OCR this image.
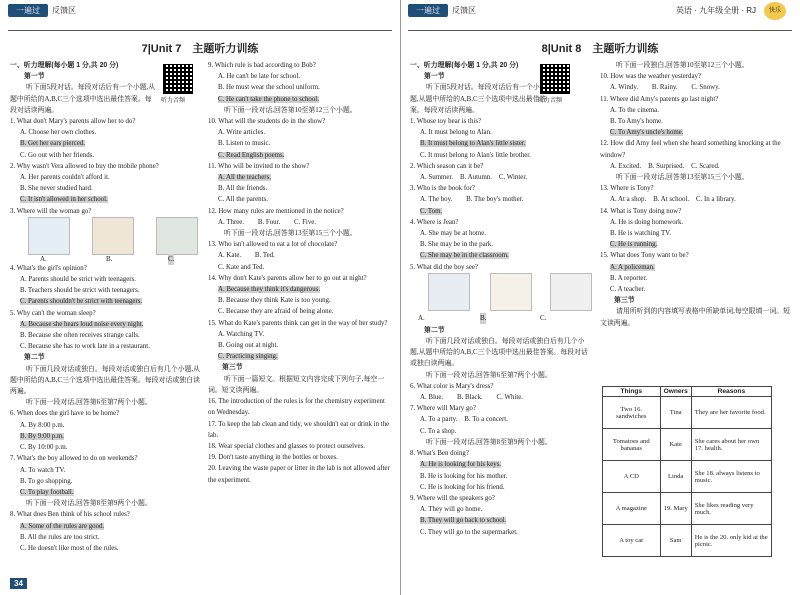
一遍过	反馈区
7|Unit 7　主题听力训练

一、听力理解(每小题 1 分,共 20 分)

第一节

听下面5段对话。每段对话后有一个小题,从题中所给的A,B,C三个选项中选出最佳答案。每段对话读两遍。

1. What don't Mary's parents allow her to do?

A. Choose her own clothes.

B. Get her ears pierced.

C. Go out with her friends.

2. Why wasn't Vera allowed to buy the mobile phone?

A. Her parents couldn't afford it.

B. She never studied hard.

C. It isn't allowed in her school.

3. Where will the woman go?

A.	B.	C.

4. What's the girl's opinion?

A. Parents should be strict with teenagers.

B. Teachers should be strict with teenagers.

C. Parents shouldn't be strict with teenagers.

5. Why can't the woman sleep?

A. Because she hears loud noise every night.

B. Because she often receives strange calls.

C. Because she has to work late in a restaurant.

第二节

听下面几段对话或独白。每段对话或独白后有几个小题,从题中所给的A,B,C三个选项中选出最佳答案。每段对话或独白读两遍。

听下面一段对话,回答第6至第7两个小题。

6. When does the girl have to be home?

A. By 8:00 p.m.

B. By 9:00 p.m.

C. By 10:00 p.m.

7. What's the boy allowed to do on weekends?

A. To watch TV.

B. To go shopping.

C. To play football.

听下面一段对话,回答第8至第9两个小题。

8. What does Ben think of his school rules?

A. Some of the rules are good.

B. All the rules are too strict.

C. He doesn't like most of the rules.

听力音频

9. Which rule is bad according to Bob?

A. He can't be late for school.

B. He must wear the school uniform.

C. He can't take the phone to school.

听下面一段对话,回答第10至第12三个小题。

10. What will the students do in the show?

A. Write articles.

B. Listen to music.

C. Read English poems.

11. Who will be invited to the show?

A. All the teachers.

B. All the friends.

C. All the parents.

12. How many rules are mentioned in the notice?

A. Three.　　B. Four.　　C. Five.

听下面一段对话,回答第13至第15三个小题。

13. Who isn't allowed to eat a lot of chocolate?

A. Kate.　　B. Ted.

C. Kate and Ted.

14. Why don't Kate's parents allow her to go out at night?

A. Because they think it's dangerous.

B. Because they think Kate is too young.

C. Because they are afraid of being alone.

15. What do Kate's parents think can get in the way of her study?

A. Watching TV.

B. Going out at night.

C. Practicing singing.

第三节

听下面一篇短文。根据短文内容完成下列句子,每空一词。短文读两遍。

16. The introduction of the rules is for the chemistry experiment on Wednesday.

17. To keep the lab clean and tidy, we shouldn't eat or drink in the lab.

18. Wear special clothes and glasses to protect ourselves.

19. Don't taste anything in the bottles or boxes.

20. Leaving the waste paper or litter in the lab is not allowed after the experiment.

34
一遍过	反馈区	英语 · 九年级全册 · RJ	快乐
8|Unit 8　主题听力训练

一、听力理解(每小题 1 分,共 20 分)

第一节

听下面5段对话。每段对话后有一个小题,从题中所给的A,B,C三个选项中选出最佳答案。每段对话读两遍。

1. Whose toy bear is this?

A. It must belong to Alan.

B. It must belong to Alan's little sister.

C. It must belong to Alan's little brother.

2. Which season can it be?

A. Summer.　B. Autumn.　C. Winter.

3. Who is the book for?

A. The boy.　　B. The boy's mother.

C. Tom.

4. Where is Jean?

A. She may be at home.

B. She may be in the park.

C. She may be in the classroom.

5. What did the boy see?

A.	B.	C.

第二节

听下面几段对话或独白。每段对话或独白后有几个小题,从题中所给的A,B,C三个选项中选出最佳答案。每段对话或独白读两遍。

听下面一段对话,回答第6至第7两个小题。

6. What color is Mary's dress?

A. Blue.　　B. Black.　　C. White.

7. Where will Mary go?

A. To a party.　B. To a concert.

C. To a shop.

听下面一段对话,回答第8至第9两个小题。

8. What's Ben doing?

A. He is looking for his keys.

B. He is looking for his mother.

C. He is looking for his friend.

9. Where will the speakers go?

A. They will go home.

B. They will go back to school.

C. They will go to the supermarket.

听力音频

听下面一段独白,回答第10至第12三个小题。

10. How was the weather yesterday?

A. Windy.　　B. Rainy.　　C. Snowy.

11. Where did Amy's parents go last night?

A. To the cinema.

B. To Amy's home.

C. To Amy's uncle's home.

12. How did Amy feel when she heard something knocking at the window?

A. Excited.　B. Surprised.　C. Scared.

听下面一段对话,回答第13至第15三个小题。

13. Where is Tony?

A. At a shop.　B. At school.　C. In a library.

14. What is Tony doing now?

A. He is doing homework.

B. He is watching TV.

C. He is running.

15. What does Tony want to be?

A. A policeman.

B. A reporter.

C. A teacher.

第三节

请用所听到的内容填写表格中所缺单词,每空限填一词。短文读两遍。

Things	Owners	Reasons
Two 16. sandwiches	Tina	They are her favorite food.
Tomatoes and bananas	Kate	She cares about her own 17. health.
A CD	Linda	She 18. always listens to music.
A magazine	19. Mary	She likes reading very much.
A toy car	Sam	He is the 20. only kid at the picnic.
